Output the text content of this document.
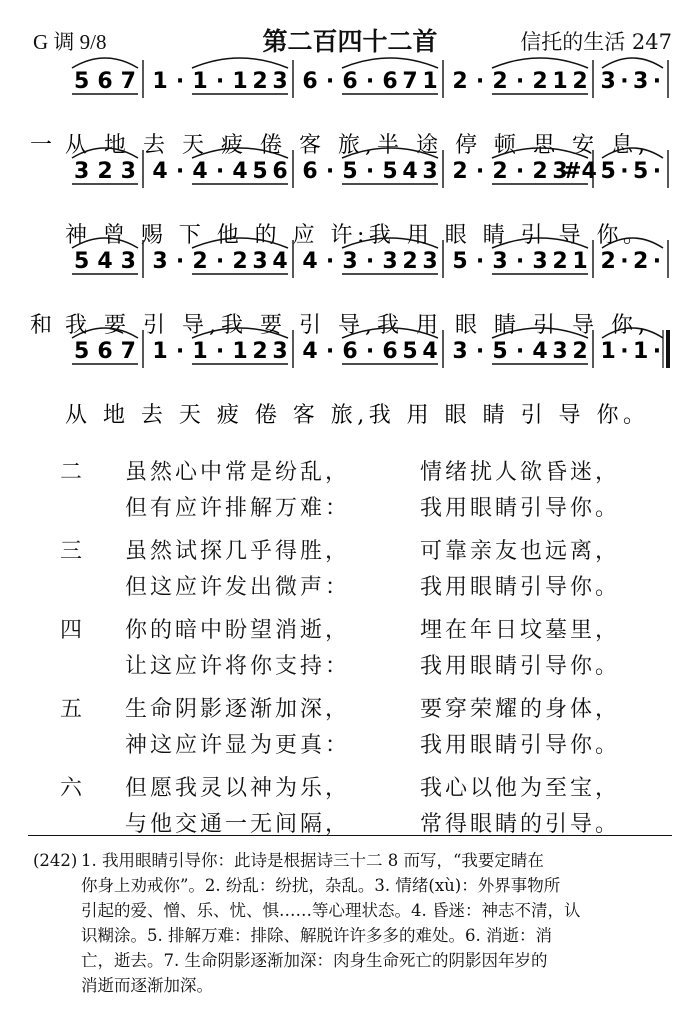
G 调 9/8	第二百四十二首	信托的生活 247
5 6 7 1 · 1 · 1 2 3 6 · 6 · 6 7 1 2 · 2 · 2 1 2 3 · 3 ·
一 从 地 去 天 疲 倦 客 旅,半 途 停 顿 思 安 息,
3 2 3 4 · 4 · 4 5 6 6 · 5 · 5 4 3 2 · 2 · 2 3
#4 5 · 5 ·
神 曾 赐 下 他 的 应 许:我 用 眼 睛 引 导 你。
5 4 3 3 · 2 · 2 3 4 4 · 3 · 3 2 3 5 · 3 · 3 2 1 2 · 2 ·
和 我 要 引 导,我 要 引 导,我 用 眼 睛 引 导 你,
5 6 7 1 · 1 · 1 2 3 4 · 6 · 6 5 4 3 · 5 · 4 3 2 1 · 1 ·
从 地 去 天 疲 倦 客 旅,我 用 眼 睛 引 导 你。
二 虽然心中常是纷乱，	情绪扰人欲昏迷，
但有应许排解万难：	我用眼睛引导你。
三 虽然试探几乎得胜，	可靠亲友也远离，
但这应许发出微声：	我用眼睛引导你。
四 你的暗中盼望消逝，	埋在年日坟墓里，
让这应许将你支持：	我用眼睛引导你。
五 生命阴影逐渐加深，	要穿荣耀的身体，
神这应许显为更真：	我用眼睛引导你。
六 但愿我灵以神为乐，	我心以他为至宝，
与他交通一无间隔，	常得眼睛的引导。
(242) 1. 我用眼睛引导你：此诗是根据诗三十二 8 而写，“我要定睛在
你身上劝戒你”。2. 纷乱：纷扰，杂乱。3. 情绪(xù)：外界事物所
引起的爱、憎、乐、忧、惧……等心理状态。4. 昏迷：神志不清，认
识糊涂。5. 排解万难：排除、解脱许许多多的难处。6. 消逝：消
亡，逝去。7. 生命阴影逐渐加深：肉身生命死亡的阴影因年岁的
消逝而逐渐加深。
